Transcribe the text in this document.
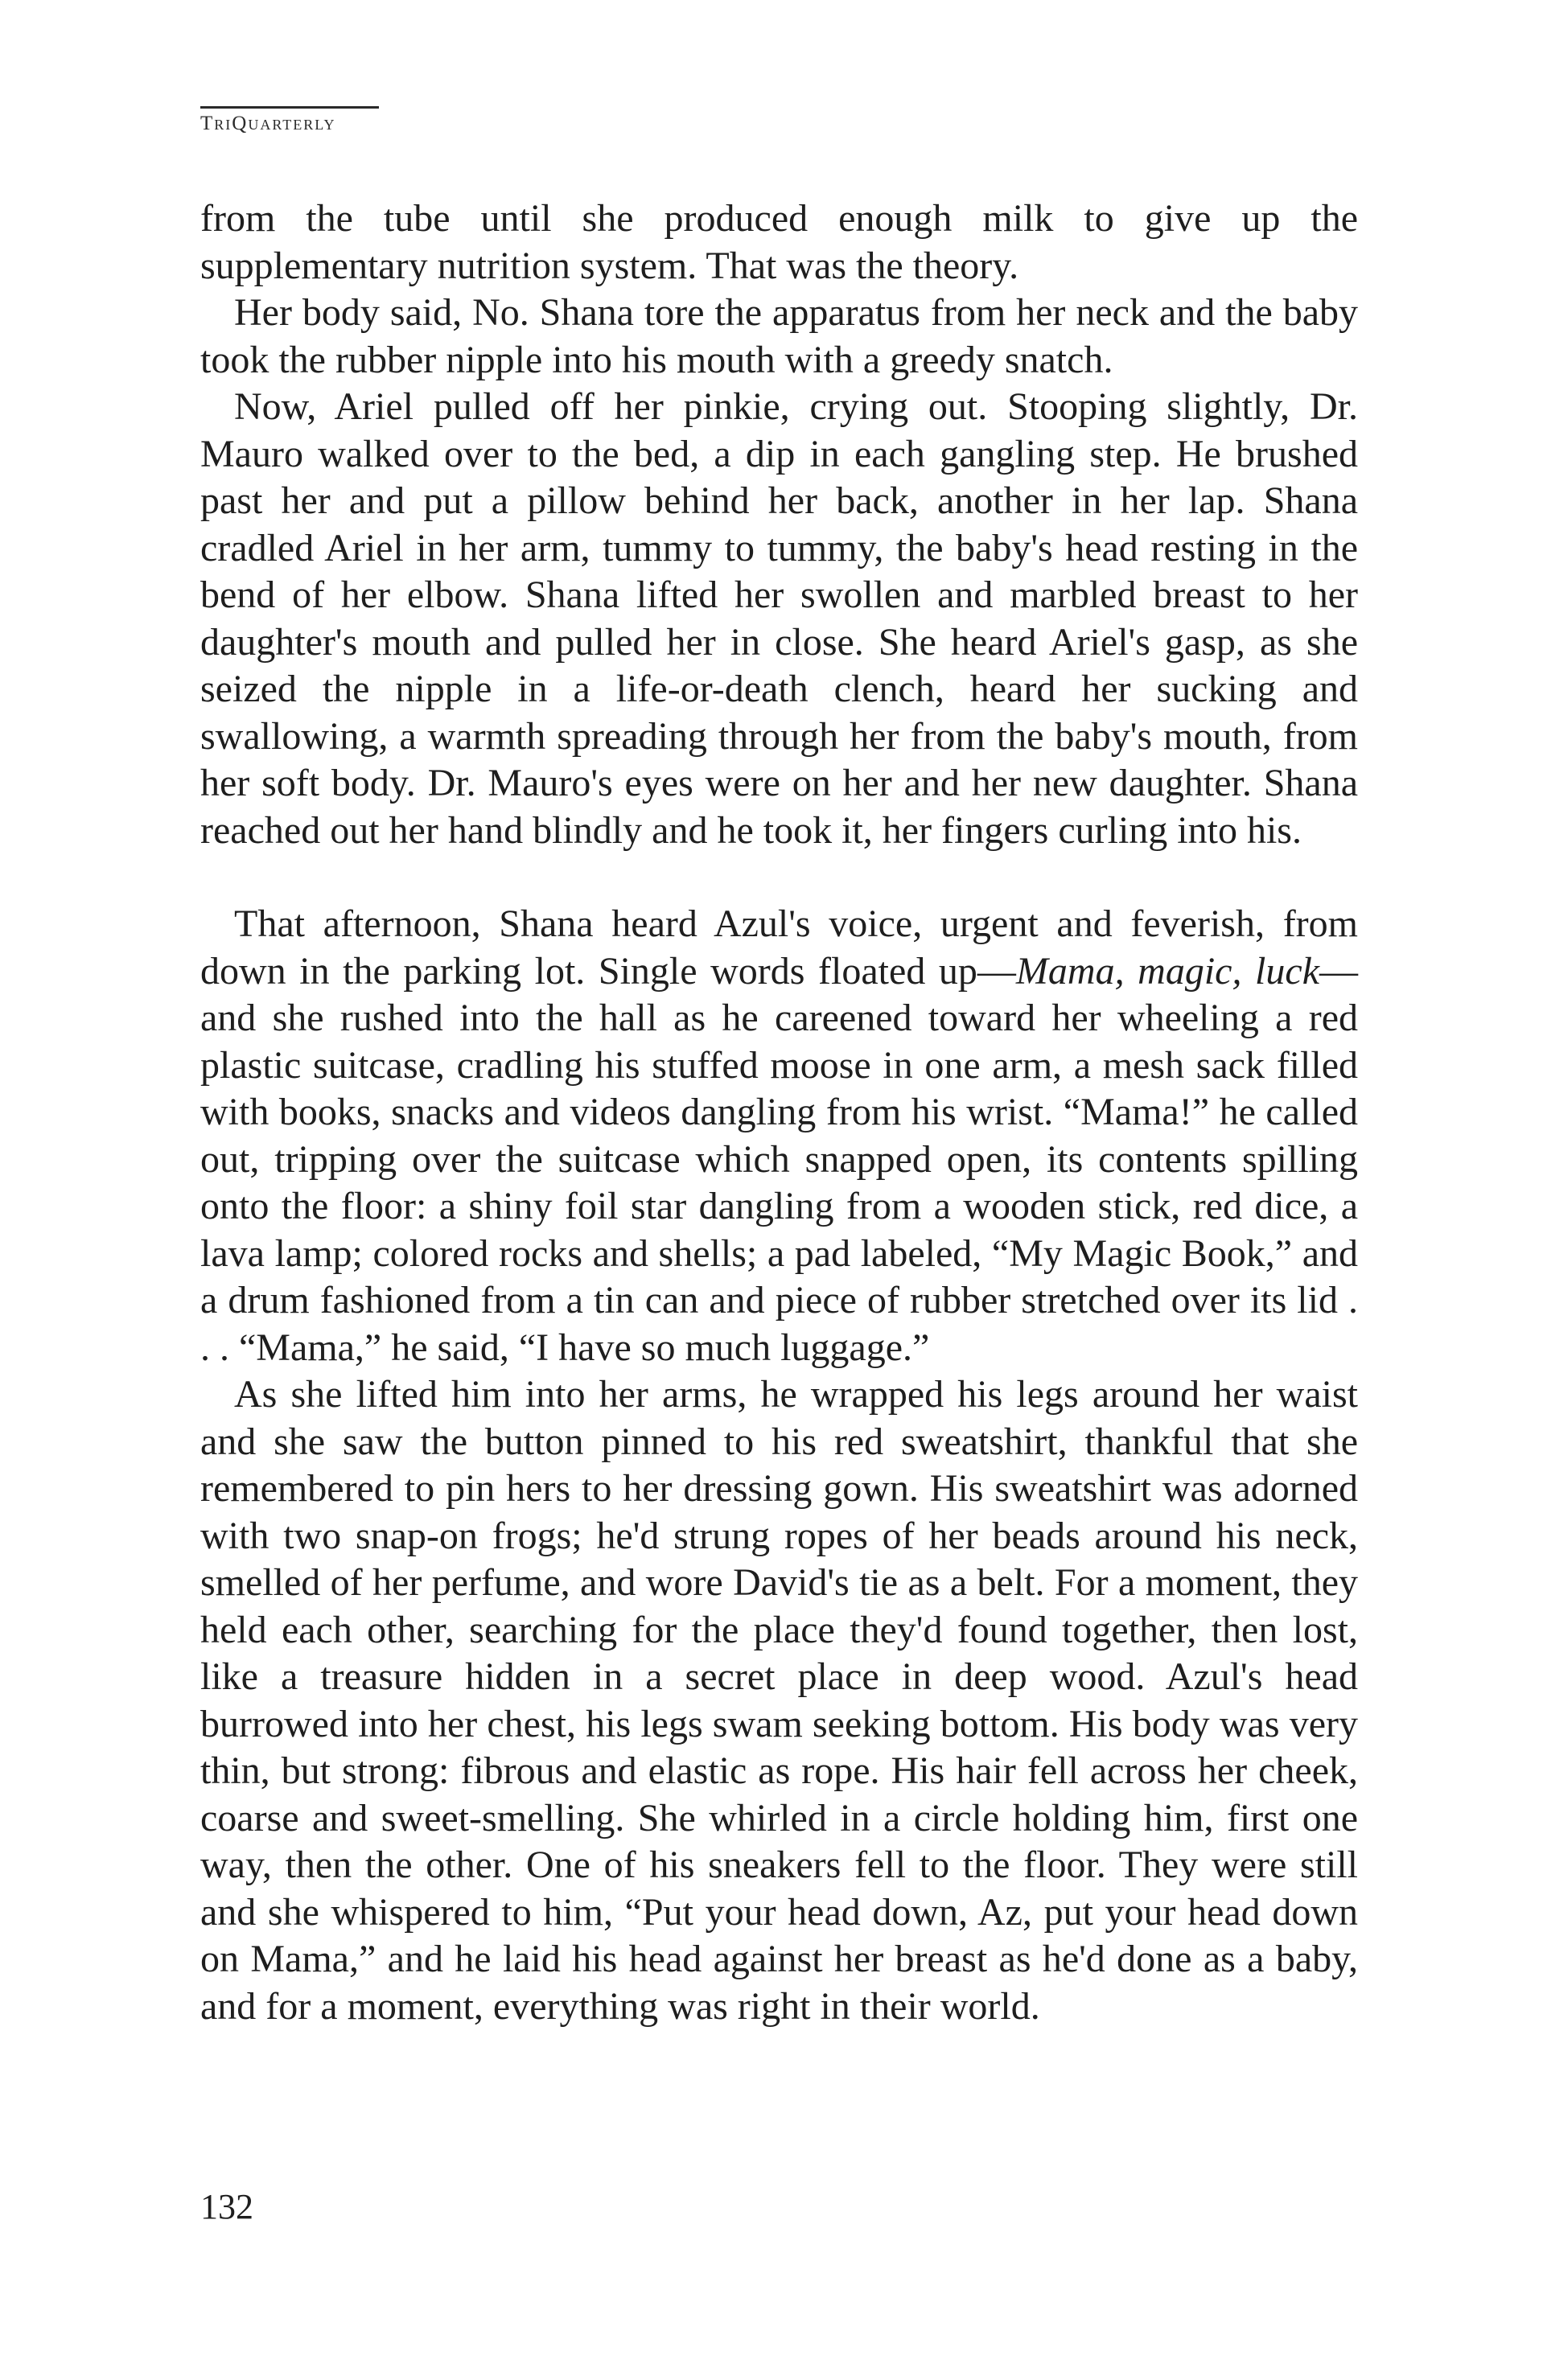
TriQuarterly

from the tube until she produced enough milk to give up the supplementary nutrition system. That was the theory.

Her body said, No. Shana tore the apparatus from her neck and the baby took the rubber nipple into his mouth with a greedy snatch.

Now, Ariel pulled off her pinkie, crying out. Stooping slightly, Dr. Mauro walked over to the bed, a dip in each gangling step. He brushed past her and put a pillow behind her back, another in her lap. Shana cradled Ariel in her arm, tummy to tummy, the baby's head resting in the bend of her elbow. Shana lifted her swollen and marbled breast to her daughter's mouth and pulled her in close. She heard Ariel's gasp, as she seized the nipple in a life-or-death clench, heard her sucking and swallowing, a warmth spreading through her from the baby's mouth, from her soft body. Dr. Mauro's eyes were on her and her new daughter. Shana reached out her hand blindly and he took it, her fingers curling into his.

That afternoon, Shana heard Azul's voice, urgent and feverish, from down in the parking lot. Single words floated up—Mama, magic, luck—and she rushed into the hall as he careened toward her wheeling a red plastic suitcase, cradling his stuffed moose in one arm, a mesh sack filled with books, snacks and videos dangling from his wrist. “Mama!” he called out, tripping over the suitcase which snapped open, its contents spilling onto the floor: a shiny foil star dangling from a wooden stick, red dice, a lava lamp; colored rocks and shells; a pad labeled, “My Magic Book,” and a drum fashioned from a tin can and piece of rubber stretched over its lid . . . “Mama,” he said, “I have so much luggage.”

As she lifted him into her arms, he wrapped his legs around her waist and she saw the button pinned to his red sweatshirt, thankful that she remembered to pin hers to her dressing gown. His sweatshirt was adorned with two snap-on frogs; he'd strung ropes of her beads around his neck, smelled of her perfume, and wore David's tie as a belt. For a moment, they held each other, searching for the place they'd found together, then lost, like a treasure hidden in a secret place in deep wood. Azul's head burrowed into her chest, his legs swam seeking bottom. His body was very thin, but strong: fibrous and elastic as rope. His hair fell across her cheek, coarse and sweet-smelling. She whirled in a circle holding him, first one way, then the other. One of his sneakers fell to the floor. They were still and she whispered to him, “Put your head down, Az, put your head down on Mama,” and he laid his head against her breast as he'd done as a baby, and for a moment, everything was right in their world.

132
